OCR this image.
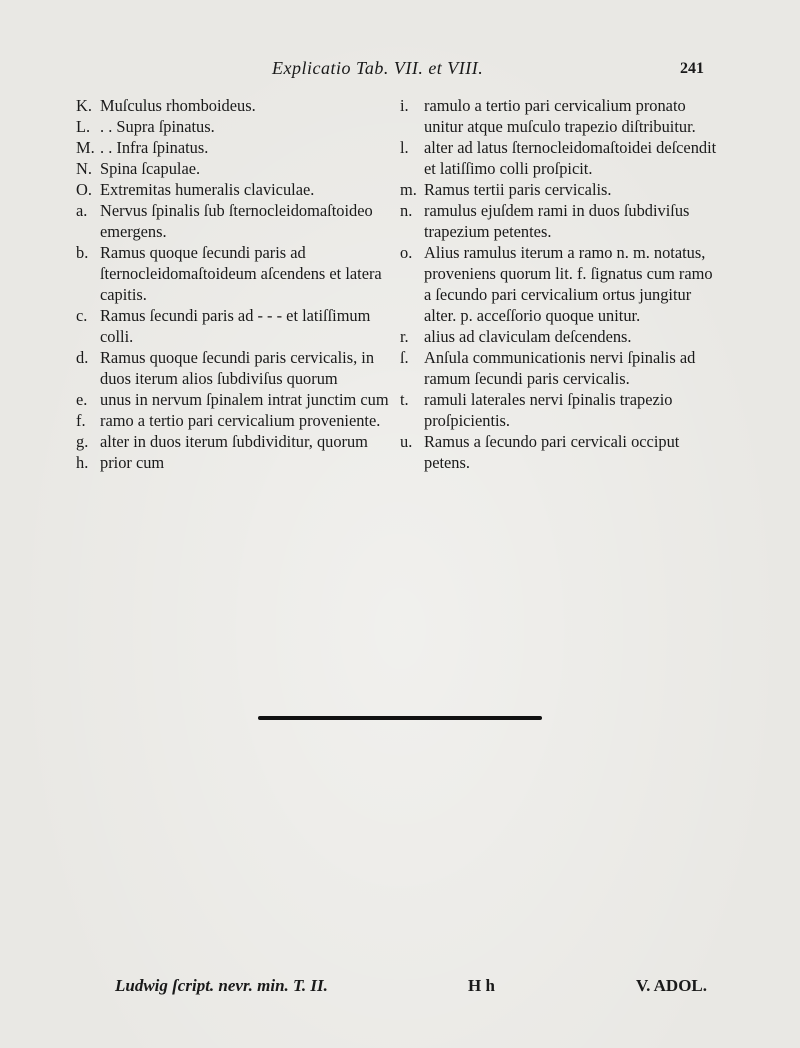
Explicatio Tab. VII. et VIII.	241
K. Muſculus rhomboideus.
L. . . Supra ſpinatus.
M. . . Infra ſpinatus.
N. Spina ſcapulae.
O. Extremitas humeralis claviculae.
a. Nervus ſpinalis ſub ſternocleidomaſtoideo emergens.
b. Ramus quoque ſecundi paris ad ſternocleidomaſtoideum aſcendens et latera capitis.
c. Ramus ſecundi paris ad - - - et latiſſimum colli.
d. Ramus quoque ſecundi paris cervicalis, in duos iterum alios ſubdiviſus quorum
e. unus in nervum ſpinalem intrat junctim cum
f. ramo a tertio pari cervicalium proveniente.
g. alter in duos iterum ſubdividitur, quorum
h. prior cum
i. ramulo a tertio pari cervicalium pronato unitur atque muſculo trapezio diſtribuitur.
l. alter ad latus ſternocleidomaſtoidei deſcendit et latiſſimo colli proſpicit.
m. Ramus tertii paris cervicalis.
n. ramulus ejuſdem rami in duos ſubdiviſus trapezium petentes.
o. Alius ramulus iterum a ramo n. m. notatus, proveniens quorum lit. f. ſignatus cum ramo a ſecundo pari cervicalium ortus jungitur alter. p. acceſſorio quoque unitur.
r. alius ad claviculam deſcendens.
ſ. Anſula communicationis nervi ſpinalis ad ramum ſecundi paris cervicalis.
t. ramuli laterales nervi ſpinalis trapezio proſpicientis.
u. Ramus a ſecundo pari cervicali occiput petens.
Ludwig ſcript. nevr. min. T. II.	H h	V. ADOL.
